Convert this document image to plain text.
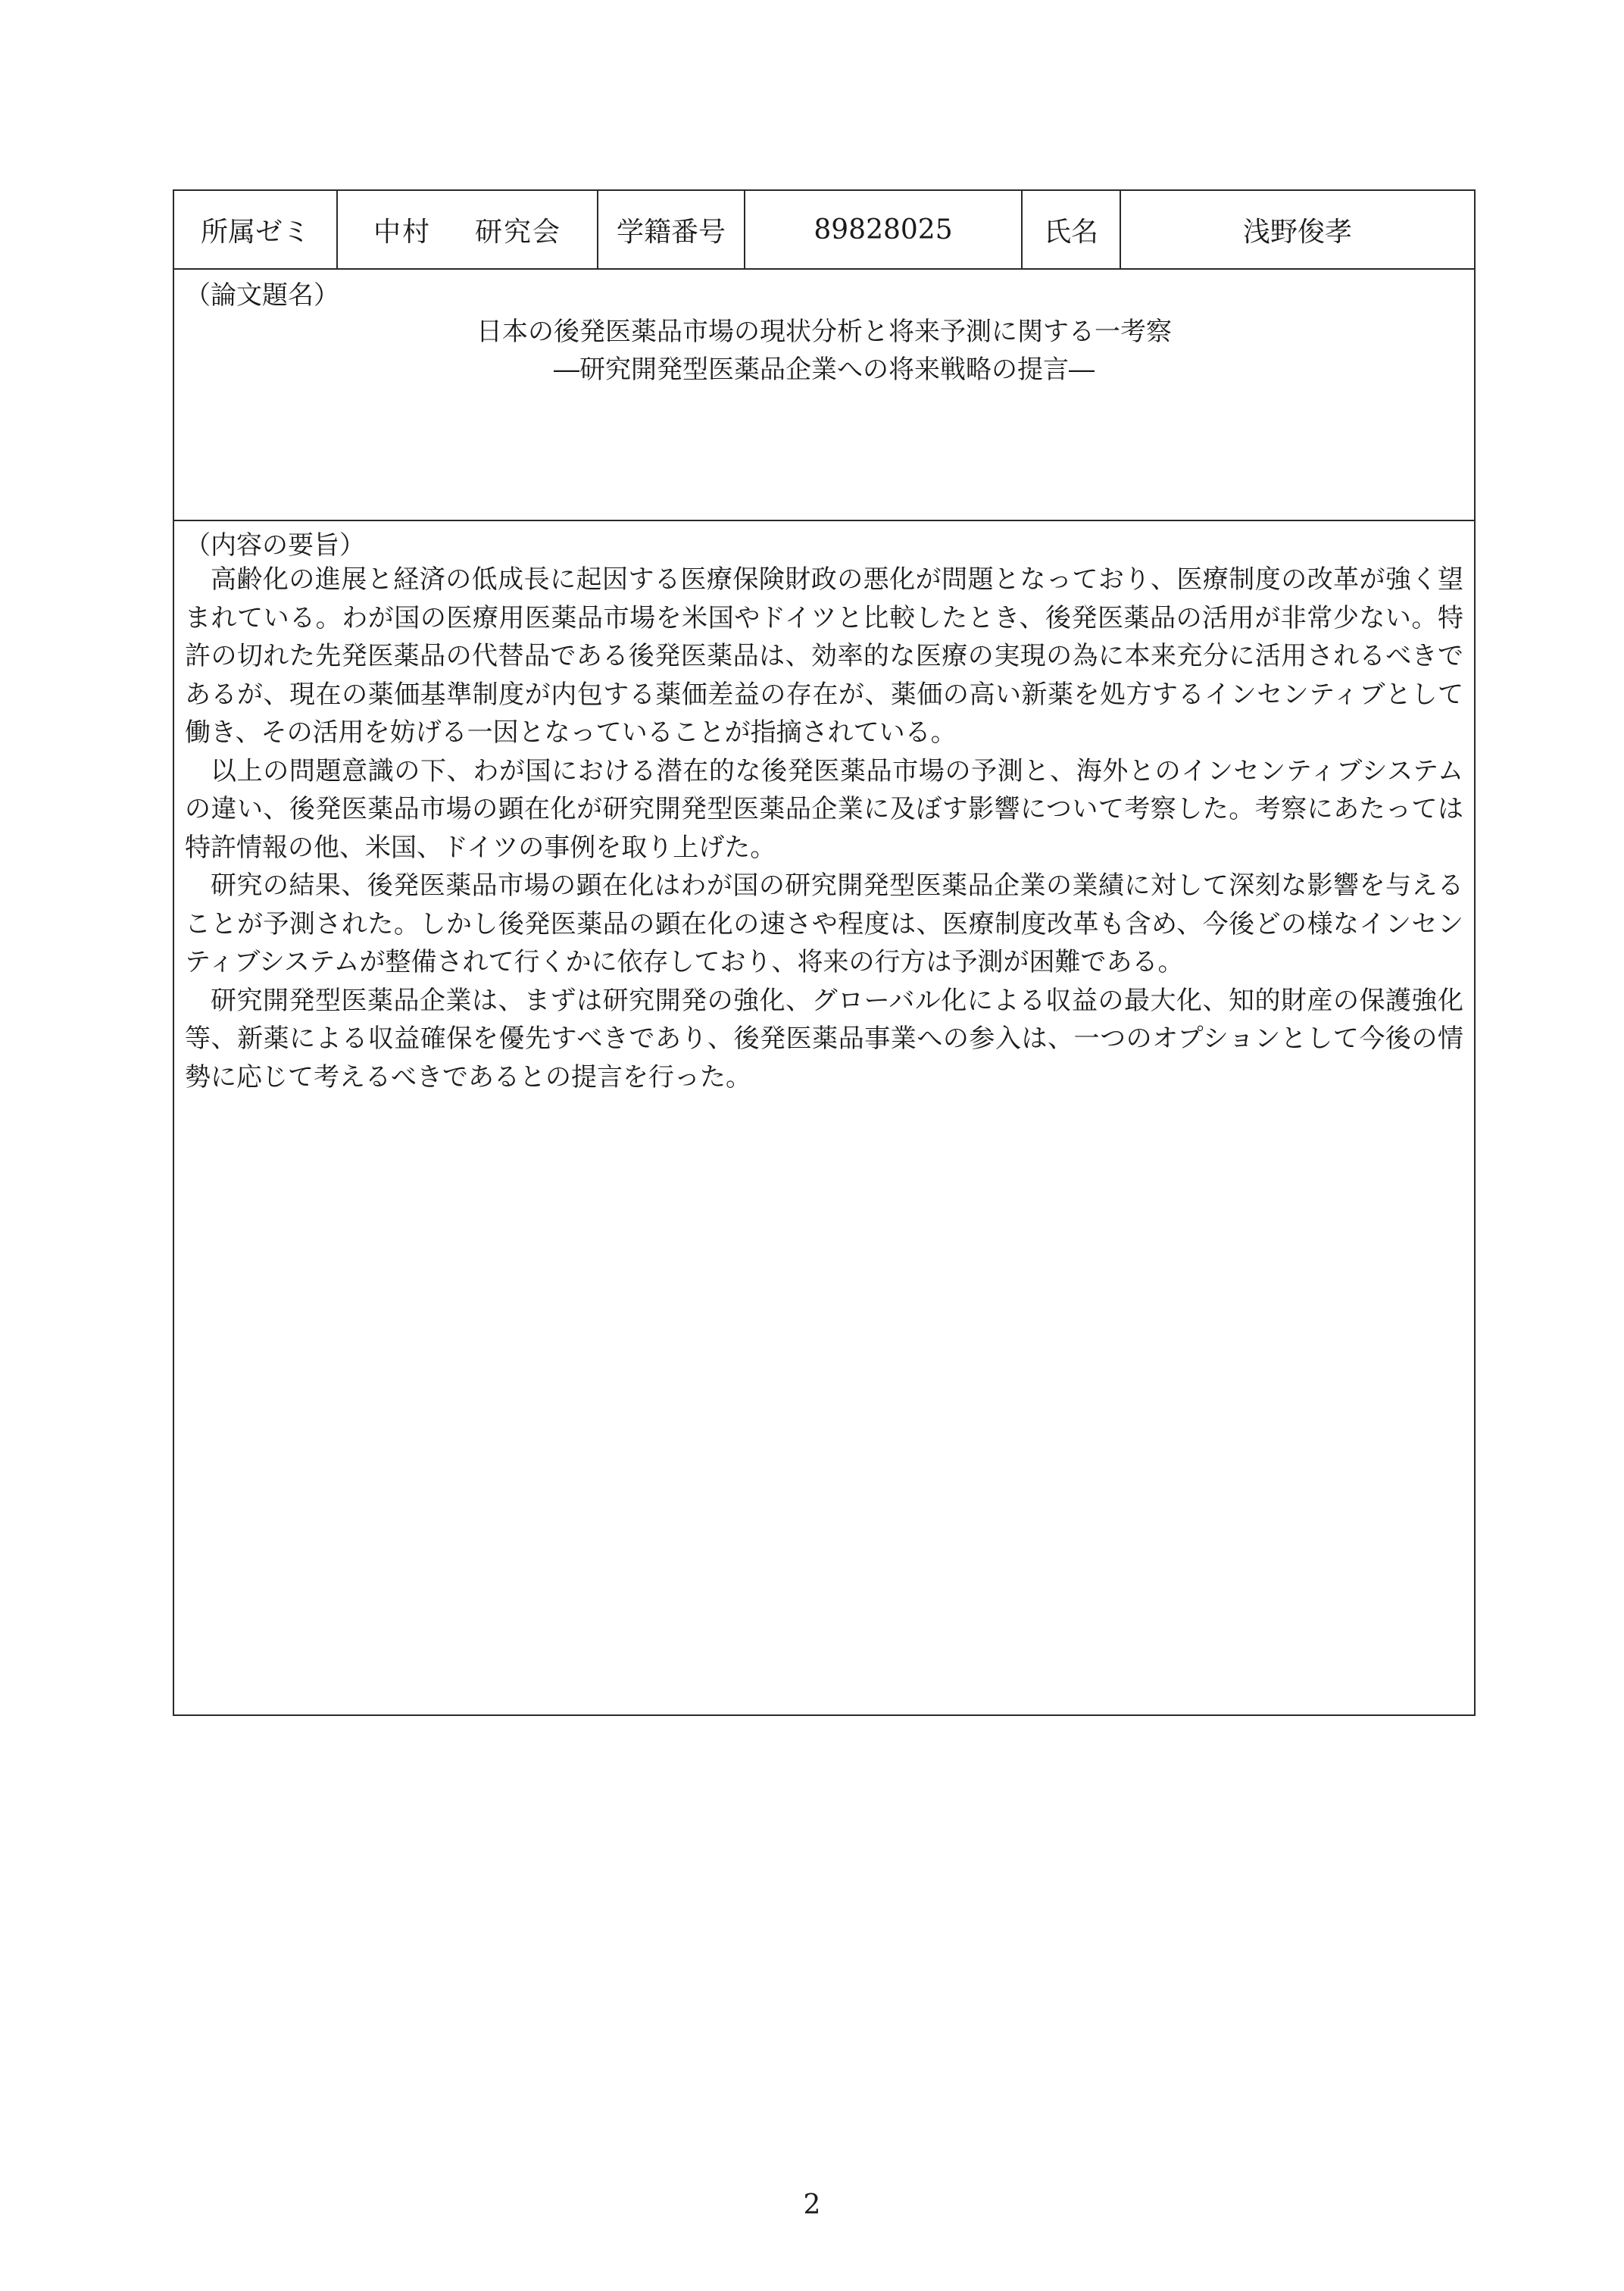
所属ゼミ	中村 研究会	学籍番号	89828025	氏名	浅野俊孝
（論文題名）
日本の後発医薬品市場の現状分析と将来予測に関する一考察
―研究開発型医薬品企業への将来戦略の提言―
（内容の要旨）

高齢化の進展と経済の低成長に起因する医療保険財政の悪化が問題となっており、医療制度の改革が強く望まれている。わが国の医療用医薬品市場を米国やドイツと比較したとき、後発医薬品の活用が非常少ない。特許の切れた先発医薬品の代替品である後発医薬品は、効率的な医療の実現の為に本来充分に活用されるべきであるが、現在の薬価基準制度が内包する薬価差益の存在が、薬価の高い新薬を処方するインセンティブとして働き、その活用を妨げる一因となっていることが指摘されている。

以上の問題意識の下、わが国における潜在的な後発医薬品市場の予測と、海外とのインセンティブシステムの違い、後発医薬品市場の顕在化が研究開発型医薬品企業に及ぼす影響について考察した。考察にあたっては特許情報の他、米国、ドイツの事例を取り上げた。

研究の結果、後発医薬品市場の顕在化はわが国の研究開発型医薬品企業の業績に対して深刻な影響を与えることが予測された。しかし後発医薬品の顕在化の速さや程度は、医療制度改革も含め、今後どの様なインセンティブシステムが整備されて行くかに依存しており、将来の行方は予測が困難である。

研究開発型医薬品企業は、まずは研究開発の強化、グローバル化による収益の最大化、知的財産の保護強化等、新薬による収益確保を優先すべきであり、後発医薬品事業への参入は、一つのオプションとして今後の情勢に応じて考えるべきであるとの提言を行った。

2
